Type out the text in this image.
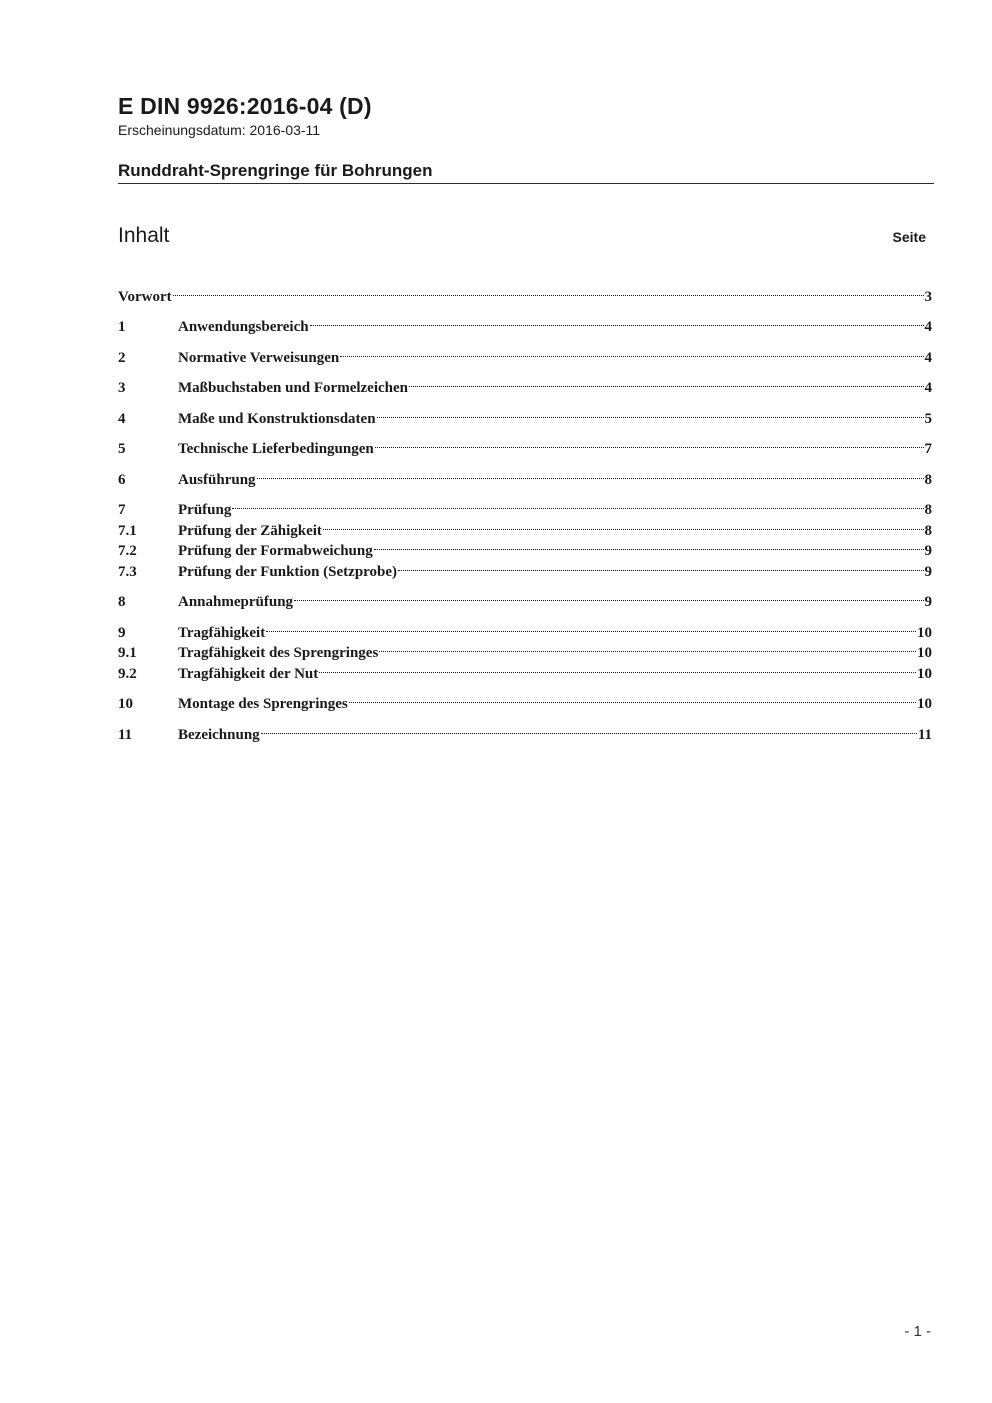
E DIN 9926:2016-04 (D)
Erscheinungsdatum: 2016-03-11
Runddraht-Sprengringe für Bohrungen
Inhalt	Seite
Vorwort	3
1	Anwendungsbereich	4
2	Normative Verweisungen	4
3	Maßbuchstaben und Formelzeichen	4
4	Maße und Konstruktionsdaten	5
5	Technische Lieferbedingungen	7
6	Ausführung	8
7	Prüfung	8
7.1	Prüfung der Zähigkeit	8
7.2	Prüfung der Formabweichung	9
7.3	Prüfung der Funktion (Setzprobe)	9
8	Annahmeprüfung	9
9	Tragfähigkeit	10
9.1	Tragfähigkeit des Sprengringes	10
9.2	Tragfähigkeit der Nut	10
10	Montage des Sprengringes	10
11	Bezeichnung	11
- 1 -
